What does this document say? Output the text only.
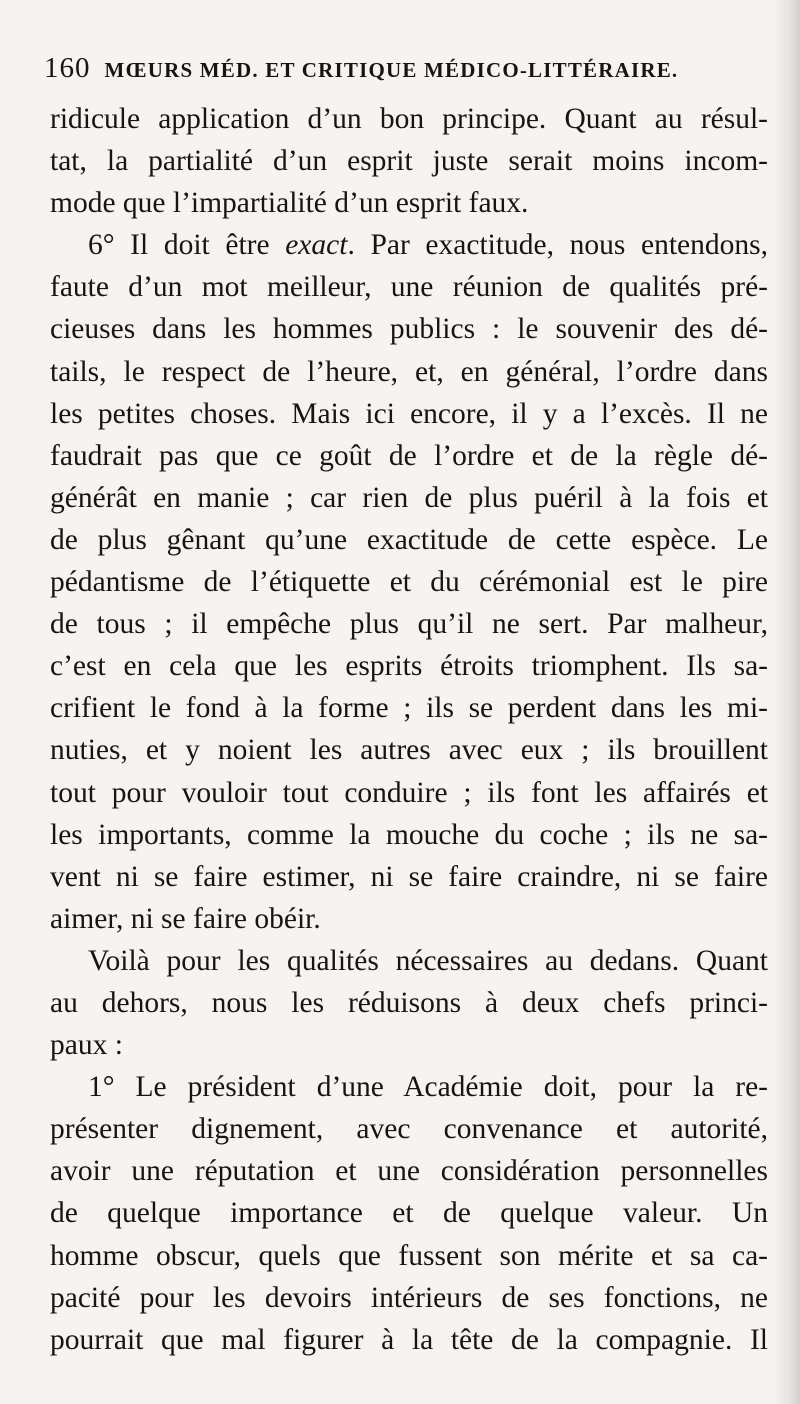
160 MŒURS MÉD. ET CRITIQUE MÉDICO-LITTÉRAIRE.
ridicule application d’un bon principe. Quant au résul-
tat, la partialité d’un esprit juste serait moins incom-
mode que l’impartialité d’un esprit faux.
6° Il doit être exact. Par exactitude, nous entendons,
faute d’un mot meilleur, une réunion de qualités pré-
cieuses dans les hommes publics : le souvenir des dé-
tails, le respect de l’heure, et, en général, l’ordre dans
les petites choses. Mais ici encore, il y a l’excès. Il ne
faudrait pas que ce goût de l’ordre et de la règle dé-
générât en manie ; car rien de plus puéril à la fois et
de plus gênant qu’une exactitude de cette espèce. Le
pédantisme de l’étiquette et du cérémonial est le pire
de tous ; il empêche plus qu’il ne sert. Par malheur,
c’est en cela que les esprits étroits triomphent. Ils sa-
crifient le fond à la forme ; ils se perdent dans les mi-
nuties, et y noient les autres avec eux ; ils brouillent
tout pour vouloir tout conduire ; ils font les affairés et
les importants, comme la mouche du coche ; ils ne sa-
vent ni se faire estimer, ni se faire craindre, ni se faire
aimer, ni se faire obéir.
Voilà pour les qualités nécessaires au dedans. Quant
au dehors, nous les réduisons à deux chefs princi-
paux :
1° Le président d’une Académie doit, pour la re-
présenter dignement, avec convenance et autorité,
avoir une réputation et une considération personnelles
de quelque importance et de quelque valeur. Un
homme obscur, quels que fussent son mérite et sa ca-
pacité pour les devoirs intérieurs de ses fonctions, ne
pourrait que mal figurer à la tête de la compagnie. Il
